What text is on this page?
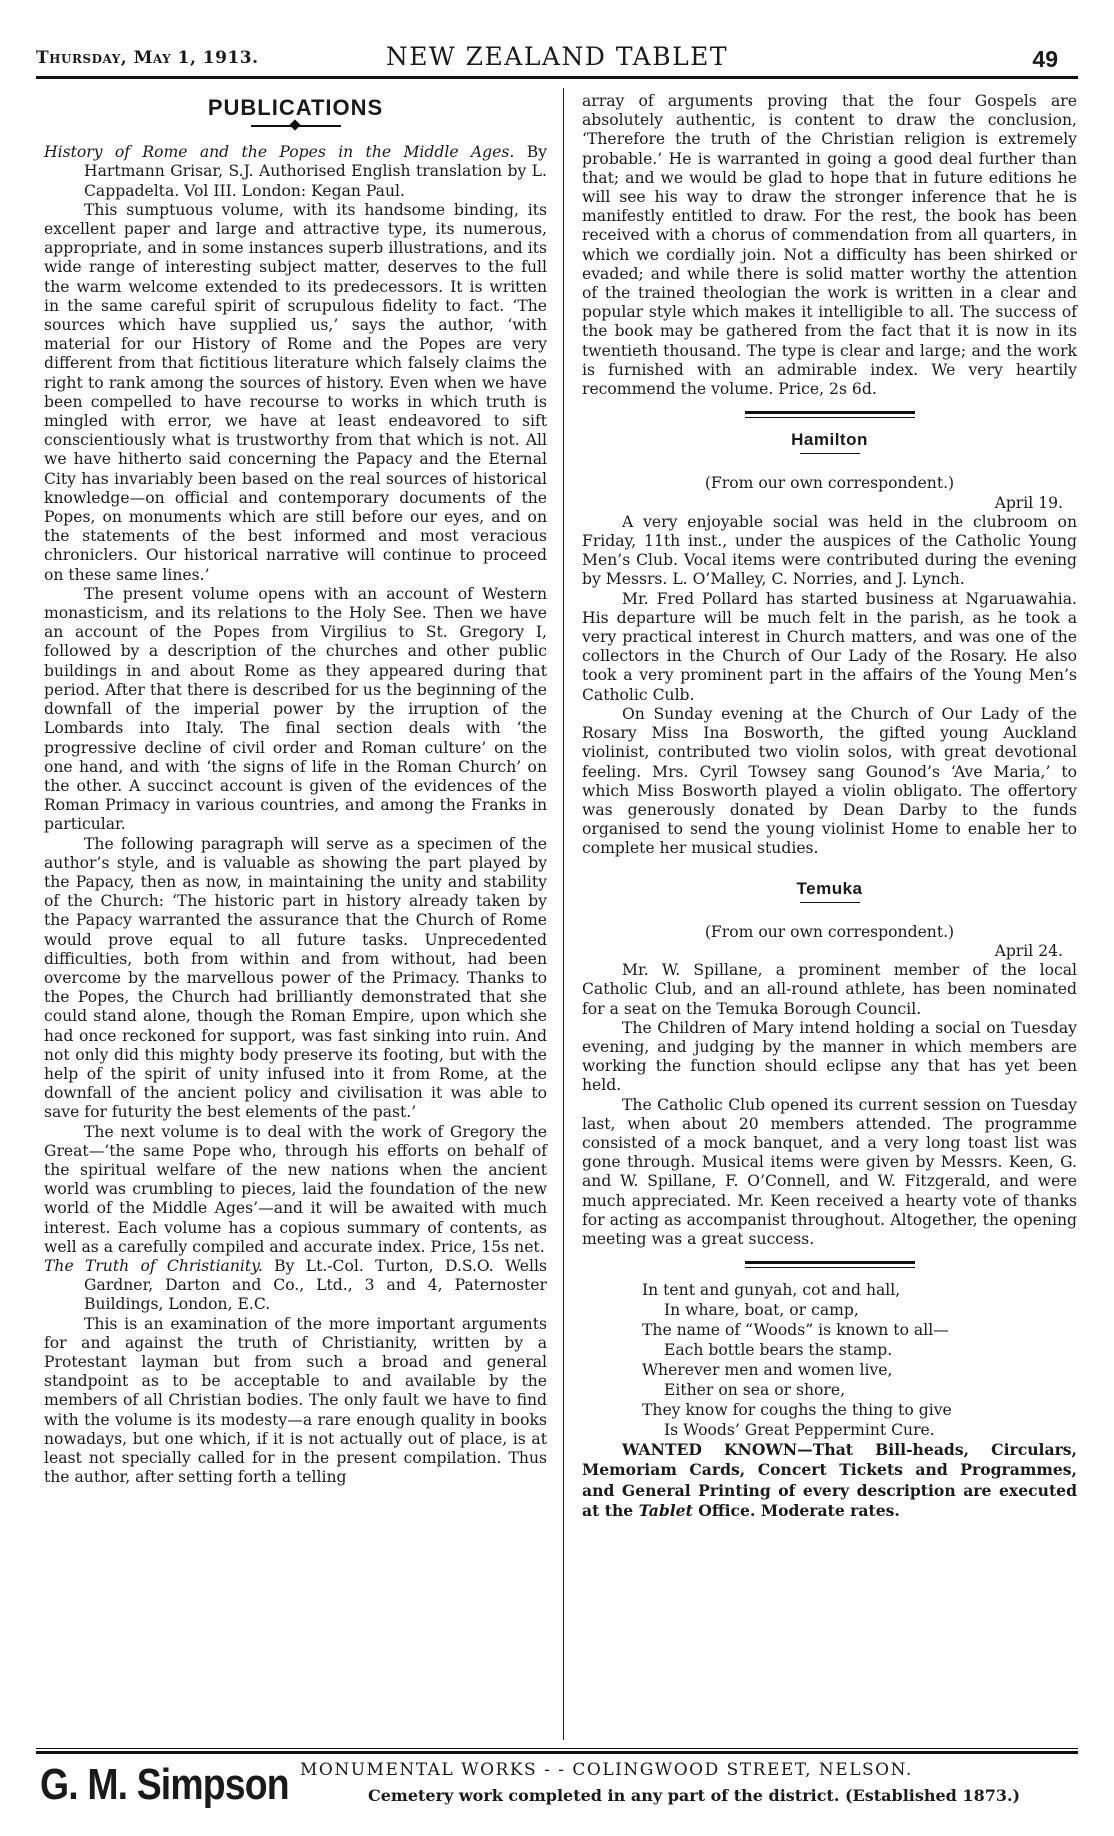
Thursday, May 1, 1913.	NEW ZEALAND TABLET	49
PUBLICATIONS

History of Rome and the Popes in the Middle Ages. By Hartmann Grisar, S.J. Authorised English translation by L. Cappadelta. Vol III. London: Kegan Paul.

This sumptuous volume, with its handsome binding, its excellent paper and large and attractive type, its numerous, appropriate, and in some instances superb illustrations, and its wide range of interesting subject matter, deserves to the full the warm welcome extended to its predecessors. It is written in the same careful spirit of scrupulous fidelity to fact. ‘The sources which have supplied us,’ says the author, ‘with material for our History of Rome and the Popes are very different from that fictitious literature which falsely claims the right to rank among the sources of history. Even when we have been compelled to have recourse to works in which truth is mingled with error, we have at least endeavored to sift conscientiously what is trustworthy from that which is not. All we have hitherto said concerning the Papacy and the Eternal City has invariably been based on the real sources of historical knowledge—on official and contemporary documents of the Popes, on monuments which are still before our eyes, and on the statements of the best informed and most veracious chroniclers. Our historical narrative will continue to proceed on these same lines.’

The present volume opens with an account of Western monasticism, and its relations to the Holy See. Then we have an account of the Popes from Virgilius to St. Gregory I, followed by a description of the churches and other public buildings in and about Rome as they appeared during that period. After that there is described for us the beginning of the downfall of the imperial power by the irruption of the Lombards into Italy. The final section deals with ‘the progressive decline of civil order and Roman culture’ on the one hand, and with ‘the signs of life in the Roman Church’ on the other. A succinct account is given of the evidences of the Roman Primacy in various countries, and among the Franks in particular.

The following paragraph will serve as a specimen of the author’s style, and is valuable as showing the part played by the Papacy, then as now, in maintaining the unity and stability of the Church: ‘The historic part in history already taken by the Papacy warranted the assurance that the Church of Rome would prove equal to all future tasks. Unprecedented difficulties, both from within and from without, had been overcome by the marvellous power of the Primacy. Thanks to the Popes, the Church had brilliantly demonstrated that she could stand alone, though the Roman Empire, upon which she had once reckoned for support, was fast sinking into ruin. And not only did this mighty body preserve its footing, but with the help of the spirit of unity infused into it from Rome, at the downfall of the ancient policy and civilisation it was able to save for futurity the best elements of the past.’

The next volume is to deal with the work of Gregory the Great—‘the same Pope who, through his efforts on behalf of the spiritual welfare of the new nations when the ancient world was crumbling to pieces, laid the foundation of the new world of the Middle Ages’—and it will be awaited with much interest. Each volume has a copious summary of contents, as well as a carefully compiled and accurate index. Price, 15s net.

The Truth of Christianity. By Lt.-Col. Turton, D.S.O. Wells Gardner, Darton and Co., Ltd., 3 and 4, Paternoster Buildings, London, E.C.

This is an examination of the more important arguments for and against the truth of Christianity, written by a Protestant layman but from such a broad and general standpoint as to be acceptable to and available by the members of all Christian bodies. The only fault we have to find with the volume is its modesty—a rare enough quality in books nowadays, but one which, if it is not actually out of place, is at least not specially called for in the present compilation. Thus the author, after setting forth a telling

array of arguments proving that the four Gospels are absolutely authentic, is content to draw the conclusion, ‘Therefore the truth of the Christian religion is extremely probable.’ He is warranted in going a good deal further than that; and we would be glad to hope that in future editions he will see his way to draw the stronger inference that he is manifestly entitled to draw. For the rest, the book has been received with a chorus of commendation from all quarters, in which we cordially join. Not a difficulty has been shirked or evaded; and while there is solid matter worthy the attention of the trained theologian the work is written in a clear and popular style which makes it intelligible to all. The success of the book may be gathered from the fact that it is now in its twentieth thousand. The type is clear and large; and the work is furnished with an admirable index. We very heartily recommend the volume. Price, 2s 6d.

Hamilton

(From our own correspondent.)

April 19.

A very enjoyable social was held in the clubroom on Friday, 11th inst., under the auspices of the Catholic Young Men’s Club. Vocal items were contributed during the evening by Messrs. L. O’Malley, C. Norries, and J. Lynch.

Mr. Fred Pollard has started business at Ngaruawahia. His departure will be much felt in the parish, as he took a very practical interest in Church matters, and was one of the collectors in the Church of Our Lady of the Rosary. He also took a very prominent part in the affairs of the Young Men’s Catholic Culb.

On Sunday evening at the Church of Our Lady of the Rosary Miss Ina Bosworth, the gifted young Auckland violinist, contributed two violin solos, with great devotional feeling. Mrs. Cyril Towsey sang Gounod’s ‘Ave Maria,’ to which Miss Bosworth played a violin obligato. The offertory was generously donated by Dean Darby to the funds organised to send the young violinist Home to enable her to complete her musical studies.

Temuka

(From our own correspondent.)

April 24.

Mr. W. Spillane, a prominent member of the local Catholic Club, and an all-round athlete, has been nominated for a seat on the Temuka Borough Council.

The Children of Mary intend holding a social on Tuesday evening, and judging by the manner in which members are working the function should eclipse any that has yet been held.

The Catholic Club opened its current session on Tuesday last, when about 20 members attended. The programme consisted of a mock banquet, and a very long toast list was gone through. Musical items were given by Messrs. Keen, G. and W. Spillane, F. O’Connell, and W. Fitzgerald, and were much appreciated. Mr. Keen received a hearty vote of thanks for acting as accompanist throughout. Altogether, the opening meeting was a great success.

In tent and gunyah, cot and hall,
In whare, boat, or camp,
The name of “Woods” is known to all—
Each bottle bears the stamp.
Wherever men and women live,
Either on sea or shore,
They know for coughs the thing to give
Is Woods’ Great Peppermint Cure.

WANTED KNOWN—That Bill-heads, Circulars, Memoriam Cards, Concert Tickets and Programmes, and General Printing of every description are executed at the Tablet Office. Moderate rates.

G. M. Simpson MONUMENTAL WORKS - - COLINGWOOD STREET, NELSON.
Cemetery work completed in any part of the district. (Established 1873.)
